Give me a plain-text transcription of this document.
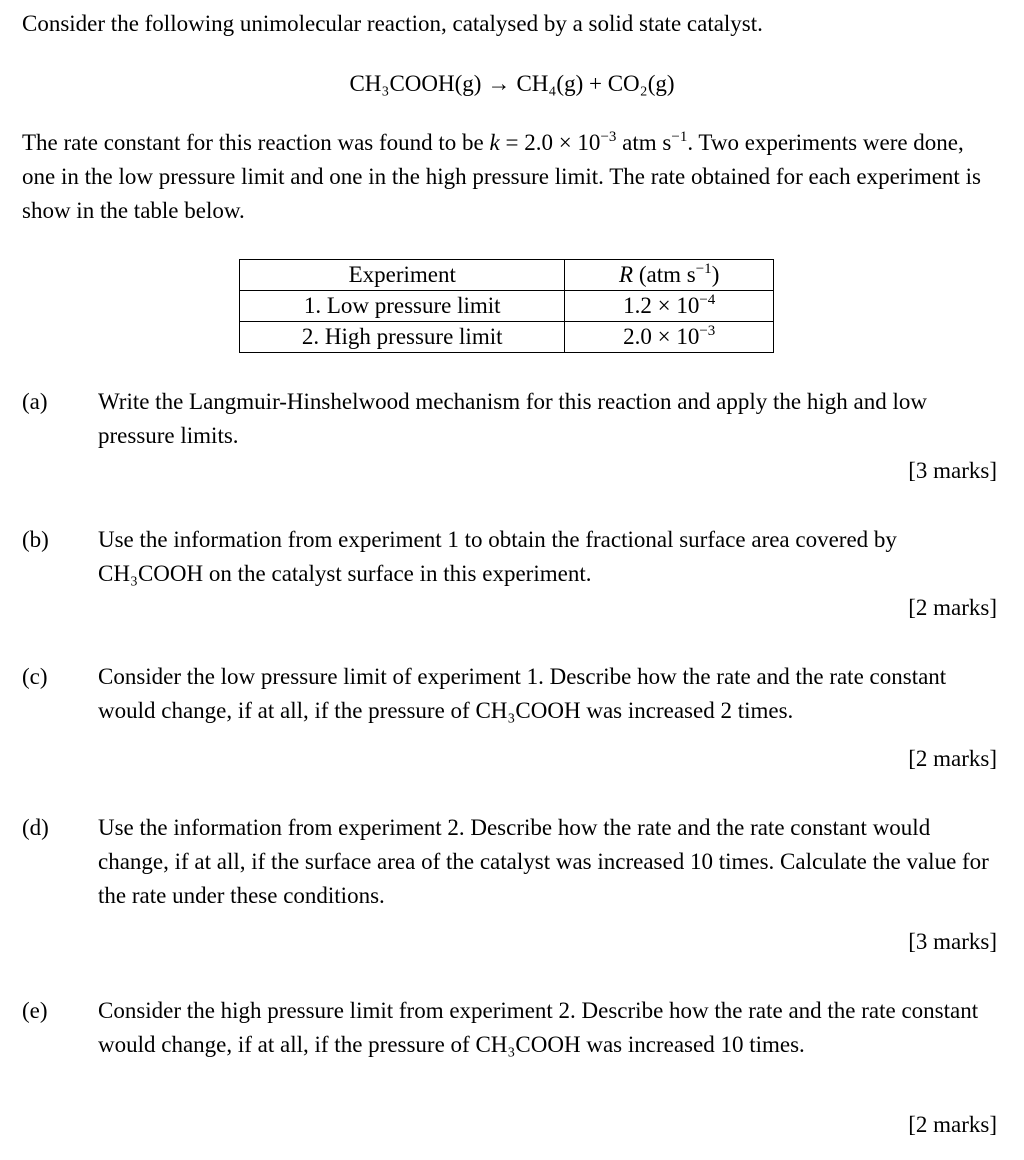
Consider the following unimolecular reaction, catalysed by a solid state catalyst.

CH₃COOH(g) → CH₄(g) + CO₂(g)

The rate constant for this reaction was found to be $k = 2.0 \times 10^{-3}$ atm $s^{-1}$. Two experiments were done, one in the low pressure limit and one in the high pressure limit. The rate obtained for each experiment is show in the table below.

Experiment	R (atm $s^{-1}$)
1. Low pressure limit	$1.2 \times 10^{-4}$
2. High pressure limit	$2.0 \times 10^{-3}$
(a) Write the Langmuir-Hinshelwood mechanism for this reaction and apply the high and low pressure limits.

[3 marks]
(b) Use the information from experiment 1 to obtain the fractional surface area covered by CH₃COOH on the catalyst surface in this experiment.

[2 marks]
(c) Consider the low pressure limit of experiment 1. Describe how the rate and the rate constant would change, if at all, if the pressure of CH₃COOH was increased 2 times.

[2 marks]
(d) Use the information from experiment 2. Describe how the rate and the rate constant would change, if at all, if the surface area of the catalyst was increased 10 times. Calculate the value for the rate under these conditions.

[3 marks]
(e) Consider the high pressure limit from experiment 2. Describe how the rate and the rate constant would change, if at all, if the pressure of CH₃COOH was increased 10 times.

[2 marks]
